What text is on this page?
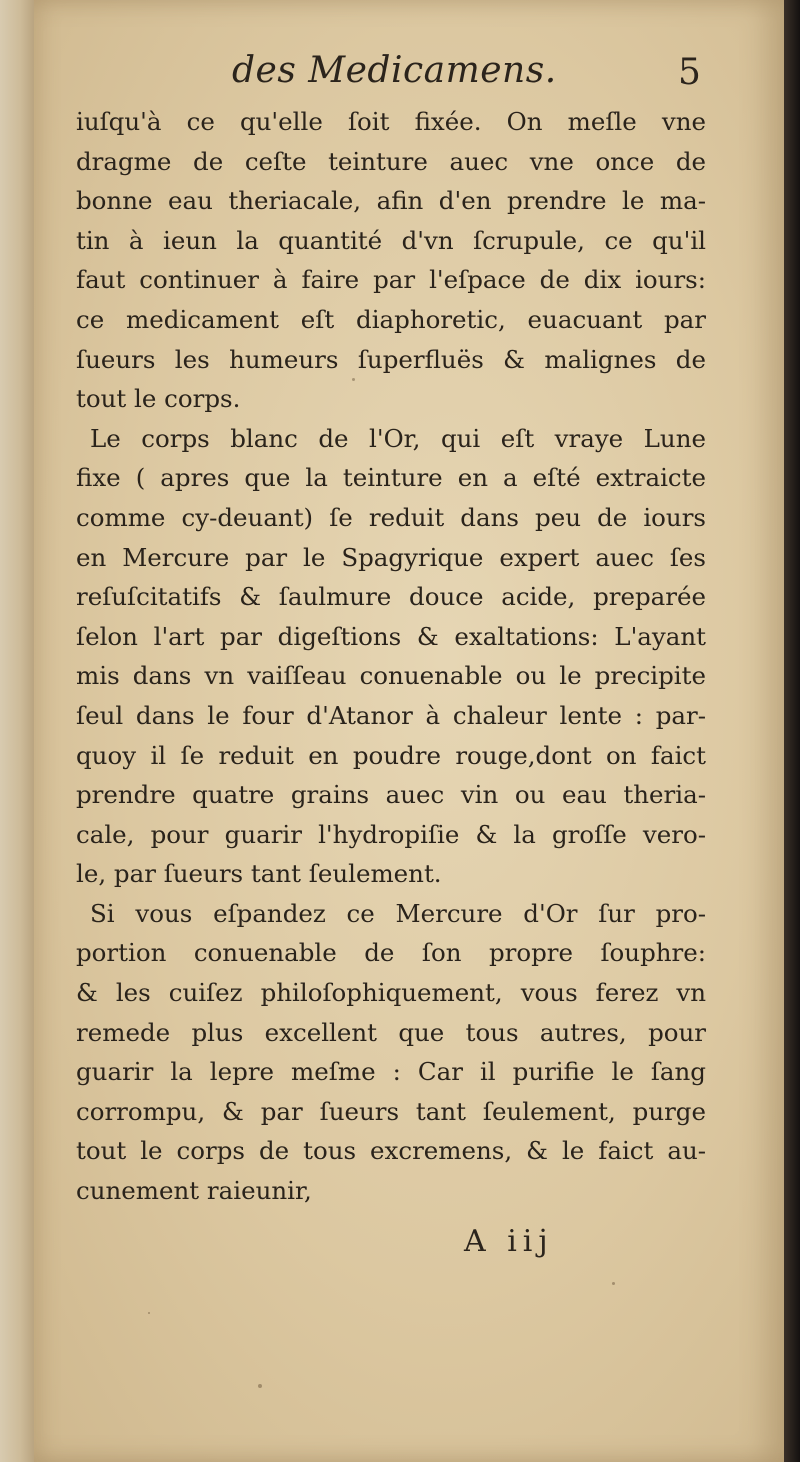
des Medicamens.	5
iuſqu'à ce qu'elle ſoit fixée. On meſle vne
dragme de ceſte teinture auec vne once de
bonne eau theriacale, afin d'en prendre le ma-
tin à ieun la quantité d'vn ſcrupule, ce qu'il
faut continuer à faire par l'eſpace de dix iours:
ce medicament eſt diaphoretic, euacuant par
ſueurs les humeurs ſuperfluës & malignes de
tout le corps.
Le corps blanc de l'Or, qui eſt vraye Lune
fixe ( apres que la teinture en a eſté extraicte
comme cy-deuant) ſe reduit dans peu de iours
en Mercure par le Spagyrique expert auec ſes
reſuſcitatifs & ſaulmure douce acide, preparée
ſelon l'art par digeſtions & exaltations: L'ayant
mis dans vn vaiſſeau conuenable ou le precipite
ſeul dans le four d'Atanor à chaleur lente : par-
quoy il ſe reduit en poudre rouge,dont on faict
prendre quatre grains auec vin ou eau theria-
cale, pour guarir l'hydropiſie & la groſſe vero-
le, par ſueurs tant ſeulement.
Si vous eſpandez ce Mercure d'Or ſur pro-
portion conuenable de ſon propre ſouphre:
& les cuiſez philoſophiquement, vous ferez vn
remede plus excellent que tous autres, pour
guarir la lepre meſme : Car il purifie le ſang
corrompu, & par ſueurs tant ſeulement, purge
tout le corps de tous excremens, & le faict au-
cunement raieunir,
A iij
